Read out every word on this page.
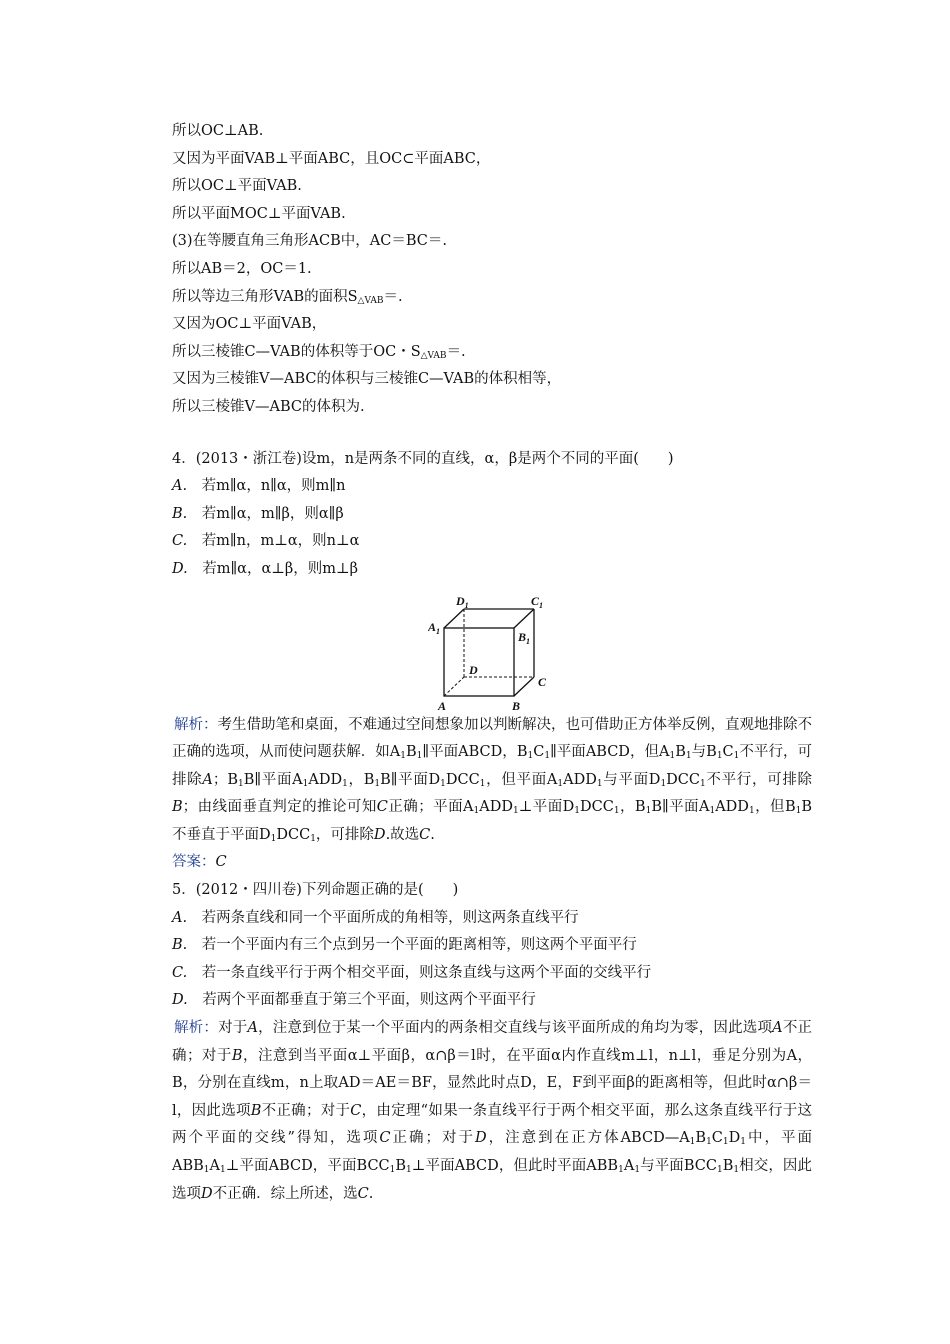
所以OC⊥AB.
又因为平面VAB⊥平面ABC，且OC⊂平面ABC，
所以OC⊥平面VAB.
所以平面MOC⊥平面VAB.
(3)在等腰直角三角形ACB中，AC＝BC＝.
所以AB＝2，OC＝1.
所以等边三角形VAB的面积$S_{\triangle VAB}=$.
又因为OC⊥平面VAB，
所以三棱锥C—VAB的体积等于OC・$S_{\triangle VAB}=$.
又因为三棱锥V—ABC的体积与三棱锥C—VAB的体积相等，
所以三棱锥V—ABC的体积为.
4．(2013・浙江卷)设m，n是两条不同的直线，α，β是两个不同的平面(　　)
A.　 若m∥α，n∥α，则m∥n
B.　 若m∥α，m∥β，则α∥β
C.　 若m∥n，m⊥α，则n⊥α
D.　 若m∥α，α⊥β，则m⊥β
$D_1$	$C_1$
$A_1$	$B_1$
D
C
A	B
解析：考生借助笔和桌面，不难通过空间想象加以判断解决，也可借助正方体举反例，直观地排除不正确的选项，从而使问题获解．如$A_1B_1\parallel$平面ABCD，$B_1C_1\parallel$平面ABCD，但$A_1B_1$与$B_1C_1$不平行，可排除A；$B_1B\parallel$平面$A_1ADD_1$，$B_1B\parallel$平面$D_1DCC_1$，但平面$A_1ADD_1$与平面$D_1DCC_1$不平行，可排除B；由线面垂直判定的推论可知C正确；平面$A_1ADD_1\perp$平面$D_1DCC_1$，$B_1B\parallel$平面$A_1ADD_1$，但$B_1B$不垂直于平面$D_1DCC_1$，可排除D.故选C.
答案：C
5．(2012・四川卷)下列命题正确的是(　　)
A.　 若两条直线和同一个平面所成的角相等，则这两条直线平行
B.　 若一个平面内有三个点到另一个平面的距离相等，则这两个平面平行
C.　 若一条直线平行于两个相交平面，则这条直线与这两个平面的交线平行
D.　 若两个平面都垂直于第三个平面，则这两个平面平行
解析：对于A，注意到位于某一个平面内的两条相交直线与该平面所成的角均为零，因此选项A不正确；对于B，注意到当平面α⊥平面β，α∩β＝l时，在平面α内作直线m⊥l，n⊥l，垂足分别为A，B，分别在直线m，n上取AD＝AE＝BF，显然此时点D，E，F到平面β的距离相等，但此时α∩β＝l，因此选项B不正确；对于C，由定理“如果一条直线平行于两个相交平面，那么这条直线平行于这两个平面的交线”得知，选项C正确；对于D，注意到在正方体$ABCD—A_1B_1C_1D_1$中，平面$ABB_1A_1\perp$平面ABCD，平面$BCC_1B_1\perp$平面ABCD，但此时平面$ABB_1A_1$与平面$BCC_1B_1$相交，因此选项D不正确．综上所述，选C.
